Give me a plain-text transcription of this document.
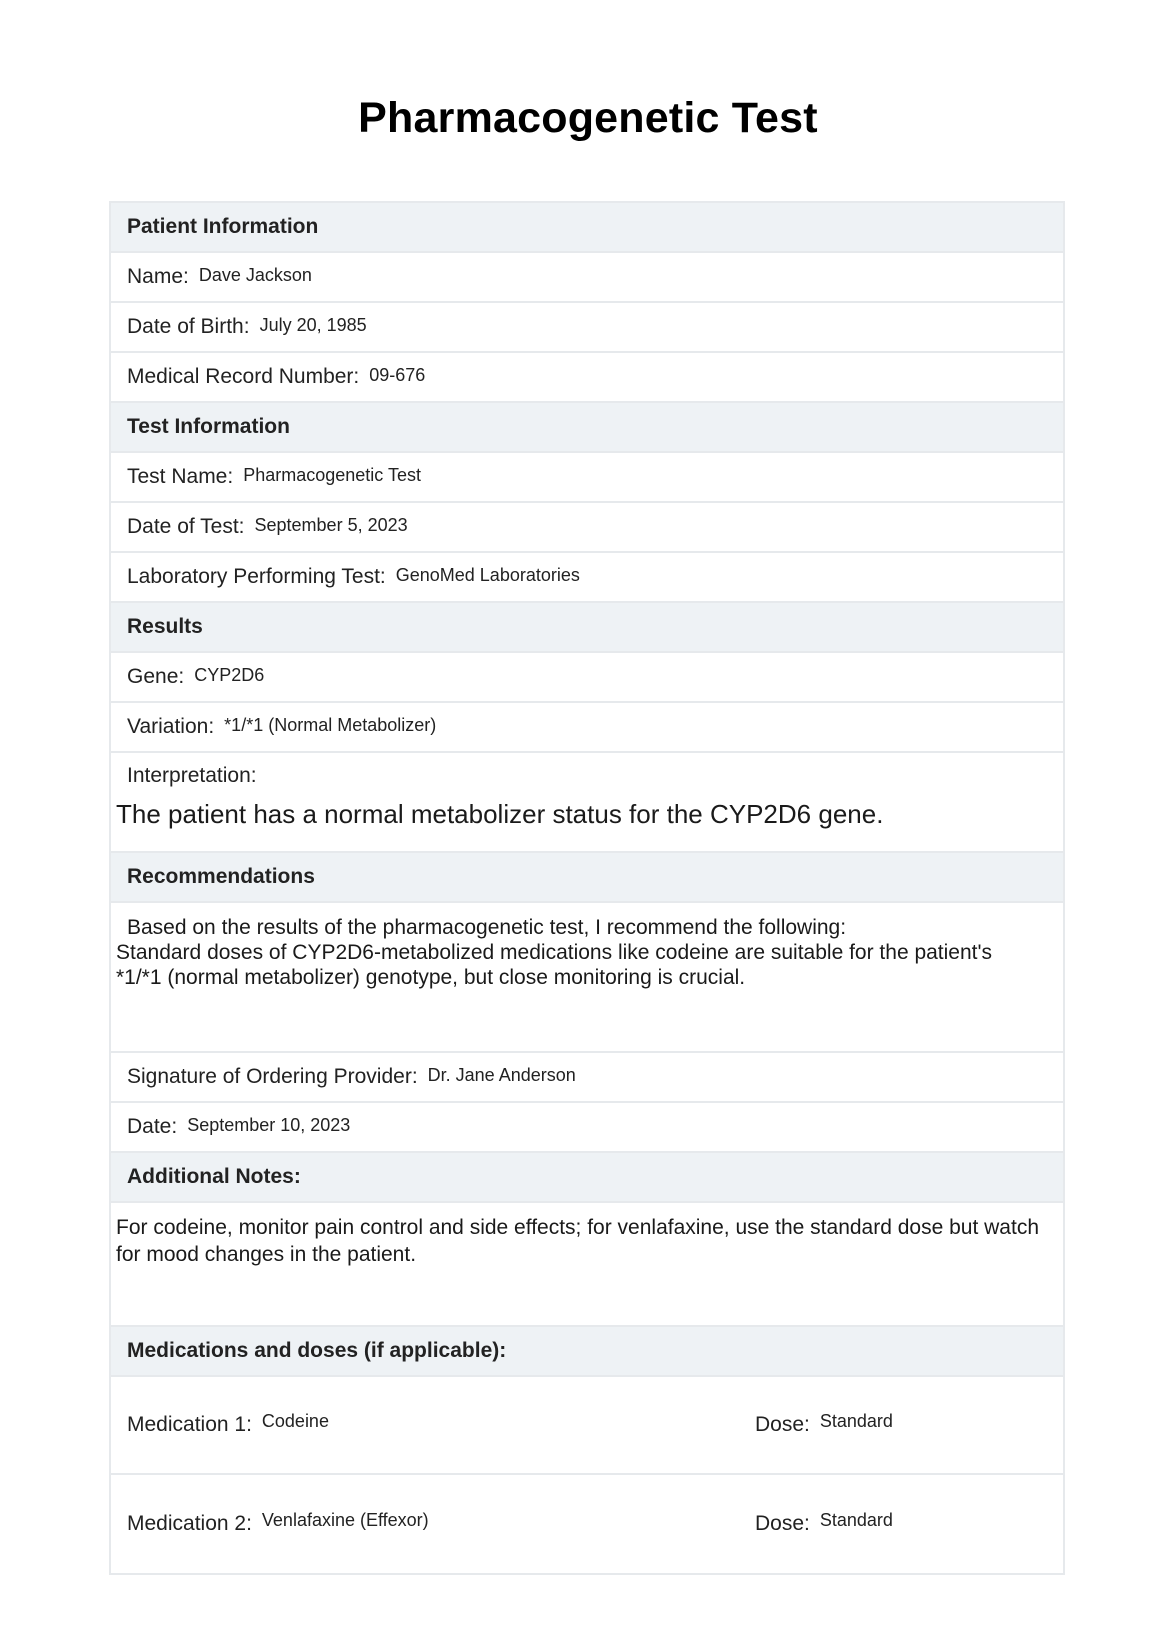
Pharmacogenetic Test
Patient Information
Name: Dave Jackson
Date of Birth: July 20, 1985
Medical Record Number: 09-676
Test Information
Test Name: Pharmacogenetic Test
Date of Test: September 5, 2023
Laboratory Performing Test: GenoMed Laboratories
Results
Gene: CYP2D6
Variation: *1/*1 (Normal Metabolizer)
Interpretation:
The patient has a normal metabolizer status for the CYP2D6 gene.
Recommendations
Based on the results of the pharmacogenetic test, I recommend the following:
Standard doses of CYP2D6-metabolized medications like codeine are suitable for the patient's *1/*1 (normal metabolizer) genotype, but close monitoring is crucial.
Signature of Ordering Provider: Dr. Jane Anderson
Date: September 10, 2023
Additional Notes:
For codeine, monitor pain control and side effects; for venlafaxine, use the standard dose but watch for mood changes in the patient.
Medications and doses (if applicable):
Medication 1: Codeine	Dose: Standard
Medication 2: Venlafaxine (Effexor)	Dose: Standard
